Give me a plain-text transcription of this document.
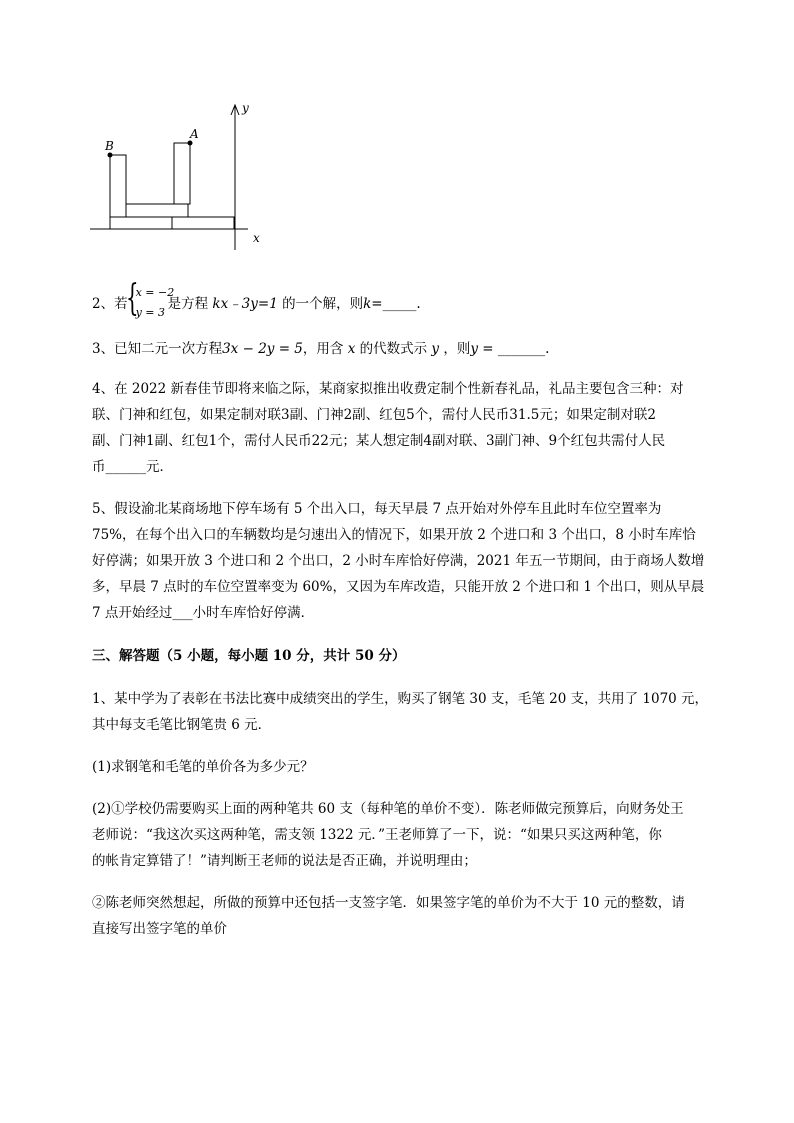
y
x
B
A

2、若
{
x = −2
y = 3 是方程 kx﹣3y=1 的一个解，则k=_____.

3、已知二元一次方程3x − 2y = 5，用含 x 的代数式示 y ，则y = _______.

4、在 2022 新春佳节即将来临之际，某商家拟推出收费定制个性新春礼品，礼品主要包含三种：对

联、门神和红包，如果定制对联3副、门神2副、红包5个，需付人民币31.5元；如果定制对联2

副、门神1副、红包1个，需付人民币22元；某人想定制4副对联、3副门神、9个红包共需付人民

币______元．

5、假设渝北某商场地下停车场有 5 个出入口，每天早晨 7 点开始对外停车且此时车位空置率为

75%，在每个出入口的车辆数均是匀速出入的情况下，如果开放 2 个进口和 3 个出口，8 小时车库恰

好停满；如果开放 3 个进口和 2 个出口，2 小时车库恰好停满，2021 年五一节期间，由于商场人数增

多，早晨 7 点时的车位空置率变为 60%，又因为车库改造，只能开放 2 个进口和 1 个出口，则从早晨

7 点开始经过___小时车库恰好停满．

三、解答题（5 小题，每小题 10 分，共计 50 分）

1、某中学为了表彰在书法比赛中成绩突出的学生，购买了钢笔 30 支，毛笔 20 支，共用了 1070 元，

其中每支毛笔比钢笔贵 6 元．

(1)求钢笔和毛笔的单价各为多少元？

(2)①学校仍需要购买上面的两种笔共 60 支（每种笔的单价不变）．陈老师做完预算后，向财务处王

老师说：“我这次买这两种笔，需支领 1322 元．”王老师算了一下，说：“如果只买这两种笔，你

的帐肯定算错了！”请判断王老师的说法是否正确，并说明理由；

②陈老师突然想起，所做的预算中还包括一支签字笔．如果签字笔的单价为不大于 10 元的整数，请

直接写出签字笔的单价
